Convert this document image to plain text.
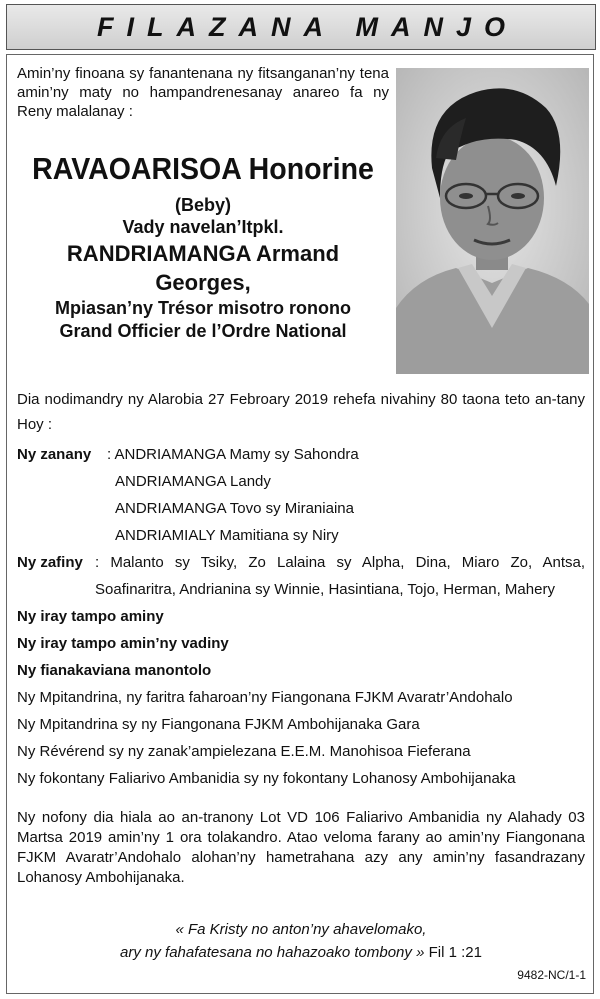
FILAZANA MANJO
Amin’ny finoana sy fanantenana ny fitsanganan’ny tena amin’ny maty no hampandrenesanay anareo fa ny Reny malalanay :
RAVAOARISOA Honorine
(Beby)
Vady navelan’Itpkl.
RANDRIAMANGA Armand
Georges,
Mpiasan’ny Trésor misotro ronono
Grand Officier de l’Ordre National
Dia nodimandry ny Alarobia 27 Febroary 2019 rehefa nivahiny 80 taona teto an-tany Hoy :
Ny zanany	: ANDRIAMANGA Mamy sy Sahondra
ANDRIAMANGA Landy
ANDRIAMANGA Tovo sy Miraniaina
ANDRIAMIALY Mamitiana sy Niry
Ny zafiny : Malanto sy Tsiky, Zo Lalaina sy Alpha, Dina, Miaro Zo, Antsa, Soafinaritra, Andrianina sy Winnie, Hasintiana, Tojo, Herman, Mahery
Ny iray tampo aminy
Ny iray tampo amin’ny vadiny
Ny fianakaviana manontolo
Ny Mpitandrina, ny faritra faharoan’ny Fiangonana FJKM Avaratr’Andohalo
Ny Mpitandrina sy ny Fiangonana FJKM Ambohijanaka Gara
Ny Révérend sy ny zanak’ampielezana E.E.M. Manohisoa Fieferana
Ny fokontany Faliarivo Ambanidia sy ny fokontany Lohanosy Ambohijanaka
Ny nofony dia hiala ao an-tranony Lot VD 106 Faliarivo Ambanidia ny Alahady 03 Martsa 2019 amin’ny 1 ora tolakandro. Atao veloma farany ao amin’ny Fiangonana FJKM Avaratr’Andohalo alohan’ny hametrahana azy any amin’ny fasandrazany Lohanosy Ambohijanaka.
« Fa Kristy no anton’ny ahavelomako,
ary ny fahafatesana no hahazoako tombony » Fil 1 :21
9482-NC/1-1
